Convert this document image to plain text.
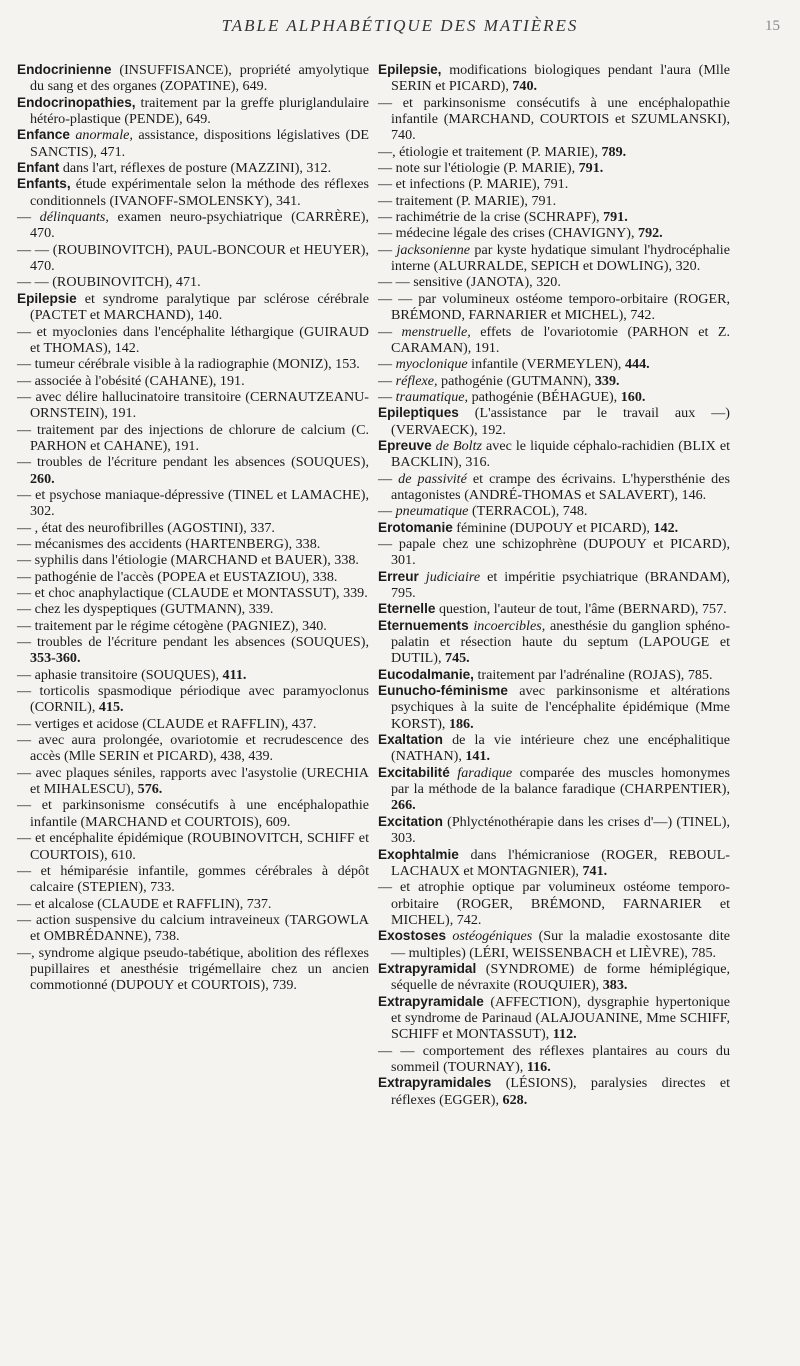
TABLE ALPHABÉTIQUE DES MATIÈRES	15

Endocrinienne (INSUFFISANCE), propriété amyolytique du sang et des organes (ZOPATINE), 649.

Endocrinopathies, traitement par la greffe pluriglandulaire hétéro-plastique (PENDE), 649.

Enfance anormale, assistance, dispositions législatives (DE SANCTIS), 471.

Enfant dans l'art, réflexes de posture (MAZZINI), 312.

Enfants, étude expérimentale selon la méthode des réflexes conditionnels (IVANOFF-SMOLENSKY), 341.

— délinquants, examen neuro-psychiatrique (CARRÈRE), 470.

— — (ROUBINOVITCH), PAUL-BONCOUR et HEUYER), 470.

— — (ROUBINOVITCH), 471.

Epilepsie et syndrome paralytique par sclérose cérébrale (PACTET et MARCHAND), 140.

— et myoclonies dans l'encéphalite léthargique (GUIRAUD et THOMAS), 142.

— tumeur cérébrale visible à la radiographie (MONIZ), 153.

— associée à l'obésité (CAHANE), 191.

— avec délire hallucinatoire transitoire (CERNAUTZEANU-ORNSTEIN), 191.

— traitement par des injections de chlorure de calcium (C. PARHON et CAHANE), 191.

— troubles de l'écriture pendant les absences (SOUQUES), 260.

— et psychose maniaque-dépressive (TINEL et LAMACHE), 302.

— , état des neurofibrilles (AGOSTINI), 337.

— mécanismes des accidents (HARTENBERG), 338.

— syphilis dans l'étiologie (MARCHAND et BAUER), 338.

— pathogénie de l'accès (POPEA et EUSTAZIOU), 338.

— et choc anaphylactique (CLAUDE et MONTASSUT), 339.

— chez les dyspeptiques (GUTMANN), 339.

— traitement par le régime cétogène (PAGNIEZ), 340.

— troubles de l'écriture pendant les absences (SOUQUES), 353-360.

— aphasie transitoire (SOUQUES), 411.

— torticolis spasmodique périodique avec paramyoclonus (CORNIL), 415.

— vertiges et acidose (CLAUDE et RAFFLIN), 437.

— avec aura prolongée, ovariotomie et recrudescence des accès (Mlle SERIN et PICARD), 438, 439.

— avec plaques séniles, rapports avec l'asystolie (URECHIA et MIHALESCU), 576.

— et parkinsonisme consécutifs à une encéphalopathie infantile (MARCHAND et COURTOIS), 609.

— et encéphalite épidémique (ROUBINOVITCH, SCHIFF et COURTOIS), 610.

— et hémiparésie infantile, gommes cérébrales à dépôt calcaire (STEPIEN), 733.

— et alcalose (CLAUDE et RAFFLIN), 737.

— action suspensive du calcium intraveineux (TARGOWLA et OMBRÉDANNE), 738.

—, syndrome algique pseudo-tabétique, abolition des réflexes pupillaires et anesthésie trigémellaire chez un ancien commotionné (DUPOUY et COURTOIS), 739.

Epilepsie, modifications biologiques pendant l'aura (Mlle SERIN et PICARD), 740.

— et parkinsonisme consécutifs à une encéphalopathie infantile (MARCHAND, COURTOIS et SZUMLANSKI), 740.

—, étiologie et traitement (P. MARIE), 789.

— note sur l'étiologie (P. MARIE), 791.

— et infections (P. MARIE), 791.

— traitement (P. MARIE), 791.

— rachimétrie de la crise (SCHRAPF), 791.

— médecine légale des crises (CHAVIGNY), 792.

— jacksonienne par kyste hydatique simulant l'hydrocéphalie interne (ALURRALDE, SEPICH et DOWLING), 320.

— — sensitive (JANOTA), 320.

— — par volumineux ostéome temporo-orbitaire (ROGER, BRÉMOND, FARNARIER et MICHEL), 742.

— menstruelle, effets de l'ovariotomie (PARHON et Z. CARAMAN), 191.

— myoclonique infantile (VERMEYLEN), 444.

— réflexe, pathogénie (GUTMANN), 339.

— traumatique, pathogénie (BÉHAGUE), 160.

Epileptiques (L'assistance par le travail aux —) (VERVAECK), 192.

Epreuve de Boltz avec le liquide céphalo-rachidien (BLIX et BACKLIN), 316.

— de passivité et crampe des écrivains. L'hypersthénie des antagonistes (ANDRÉ-THOMAS et SALAVERT), 146.

— pneumatique (TERRACOL), 748.

Erotomanie féminine (DUPOUY et PICARD), 142.

— papale chez une schizophrène (DUPOUY et PICARD), 301.

Erreur judiciaire et impéritie psychiatrique (BRANDAM), 795.

Eternelle question, l'auteur de tout, l'âme (BERNARD), 757.

Eternuements incoercibles, anesthésie du ganglion sphéno-palatin et résection haute du septum (LAPOUGE et DUTIL), 745.

Eucodalmanie, traitement par l'adrénaline (ROJAS), 785.

Eunucho-féminisme avec parkinsonisme et altérations psychiques à la suite de l'encéphalite épidémique (Mme KORST), 186.

Exaltation de la vie intérieure chez une encéphalitique (NATHAN), 141.

Excitabilité faradique comparée des muscles homonymes par la méthode de la balance faradique (CHARPENTIER), 266.

Excitation (Phlycténothérapie dans les crises d'—) (TINEL), 303.

Exophtalmie dans l'hémicraniose (ROGER, REBOUL-LACHAUX et MONTAGNIER), 741.

— et atrophie optique par volumineux ostéome temporo-orbitaire (ROGER, BRÉMOND, FARNARIER et MICHEL), 742.

Exostoses ostéogéniques (Sur la maladie exostosante dite — multiples) (LÉRI, WEISSENBACH et LIÈVRE), 785.

Extrapyramidal (SYNDROME) de forme hémiplégique, séquelle de névraxite (ROUQUIER), 383.

Extrapyramidale (AFFECTION), dysgraphie hypertonique et syndrome de Parinaud (ALAJOUANINE, Mme SCHIFF, SCHIFF et MONTASSUT), 112.

— — comportement des réflexes plantaires au cours du sommeil (TOURNAY), 116.

Extrapyramidales (LÉSIONS), paralysies directes et réflexes (EGGER), 628.
